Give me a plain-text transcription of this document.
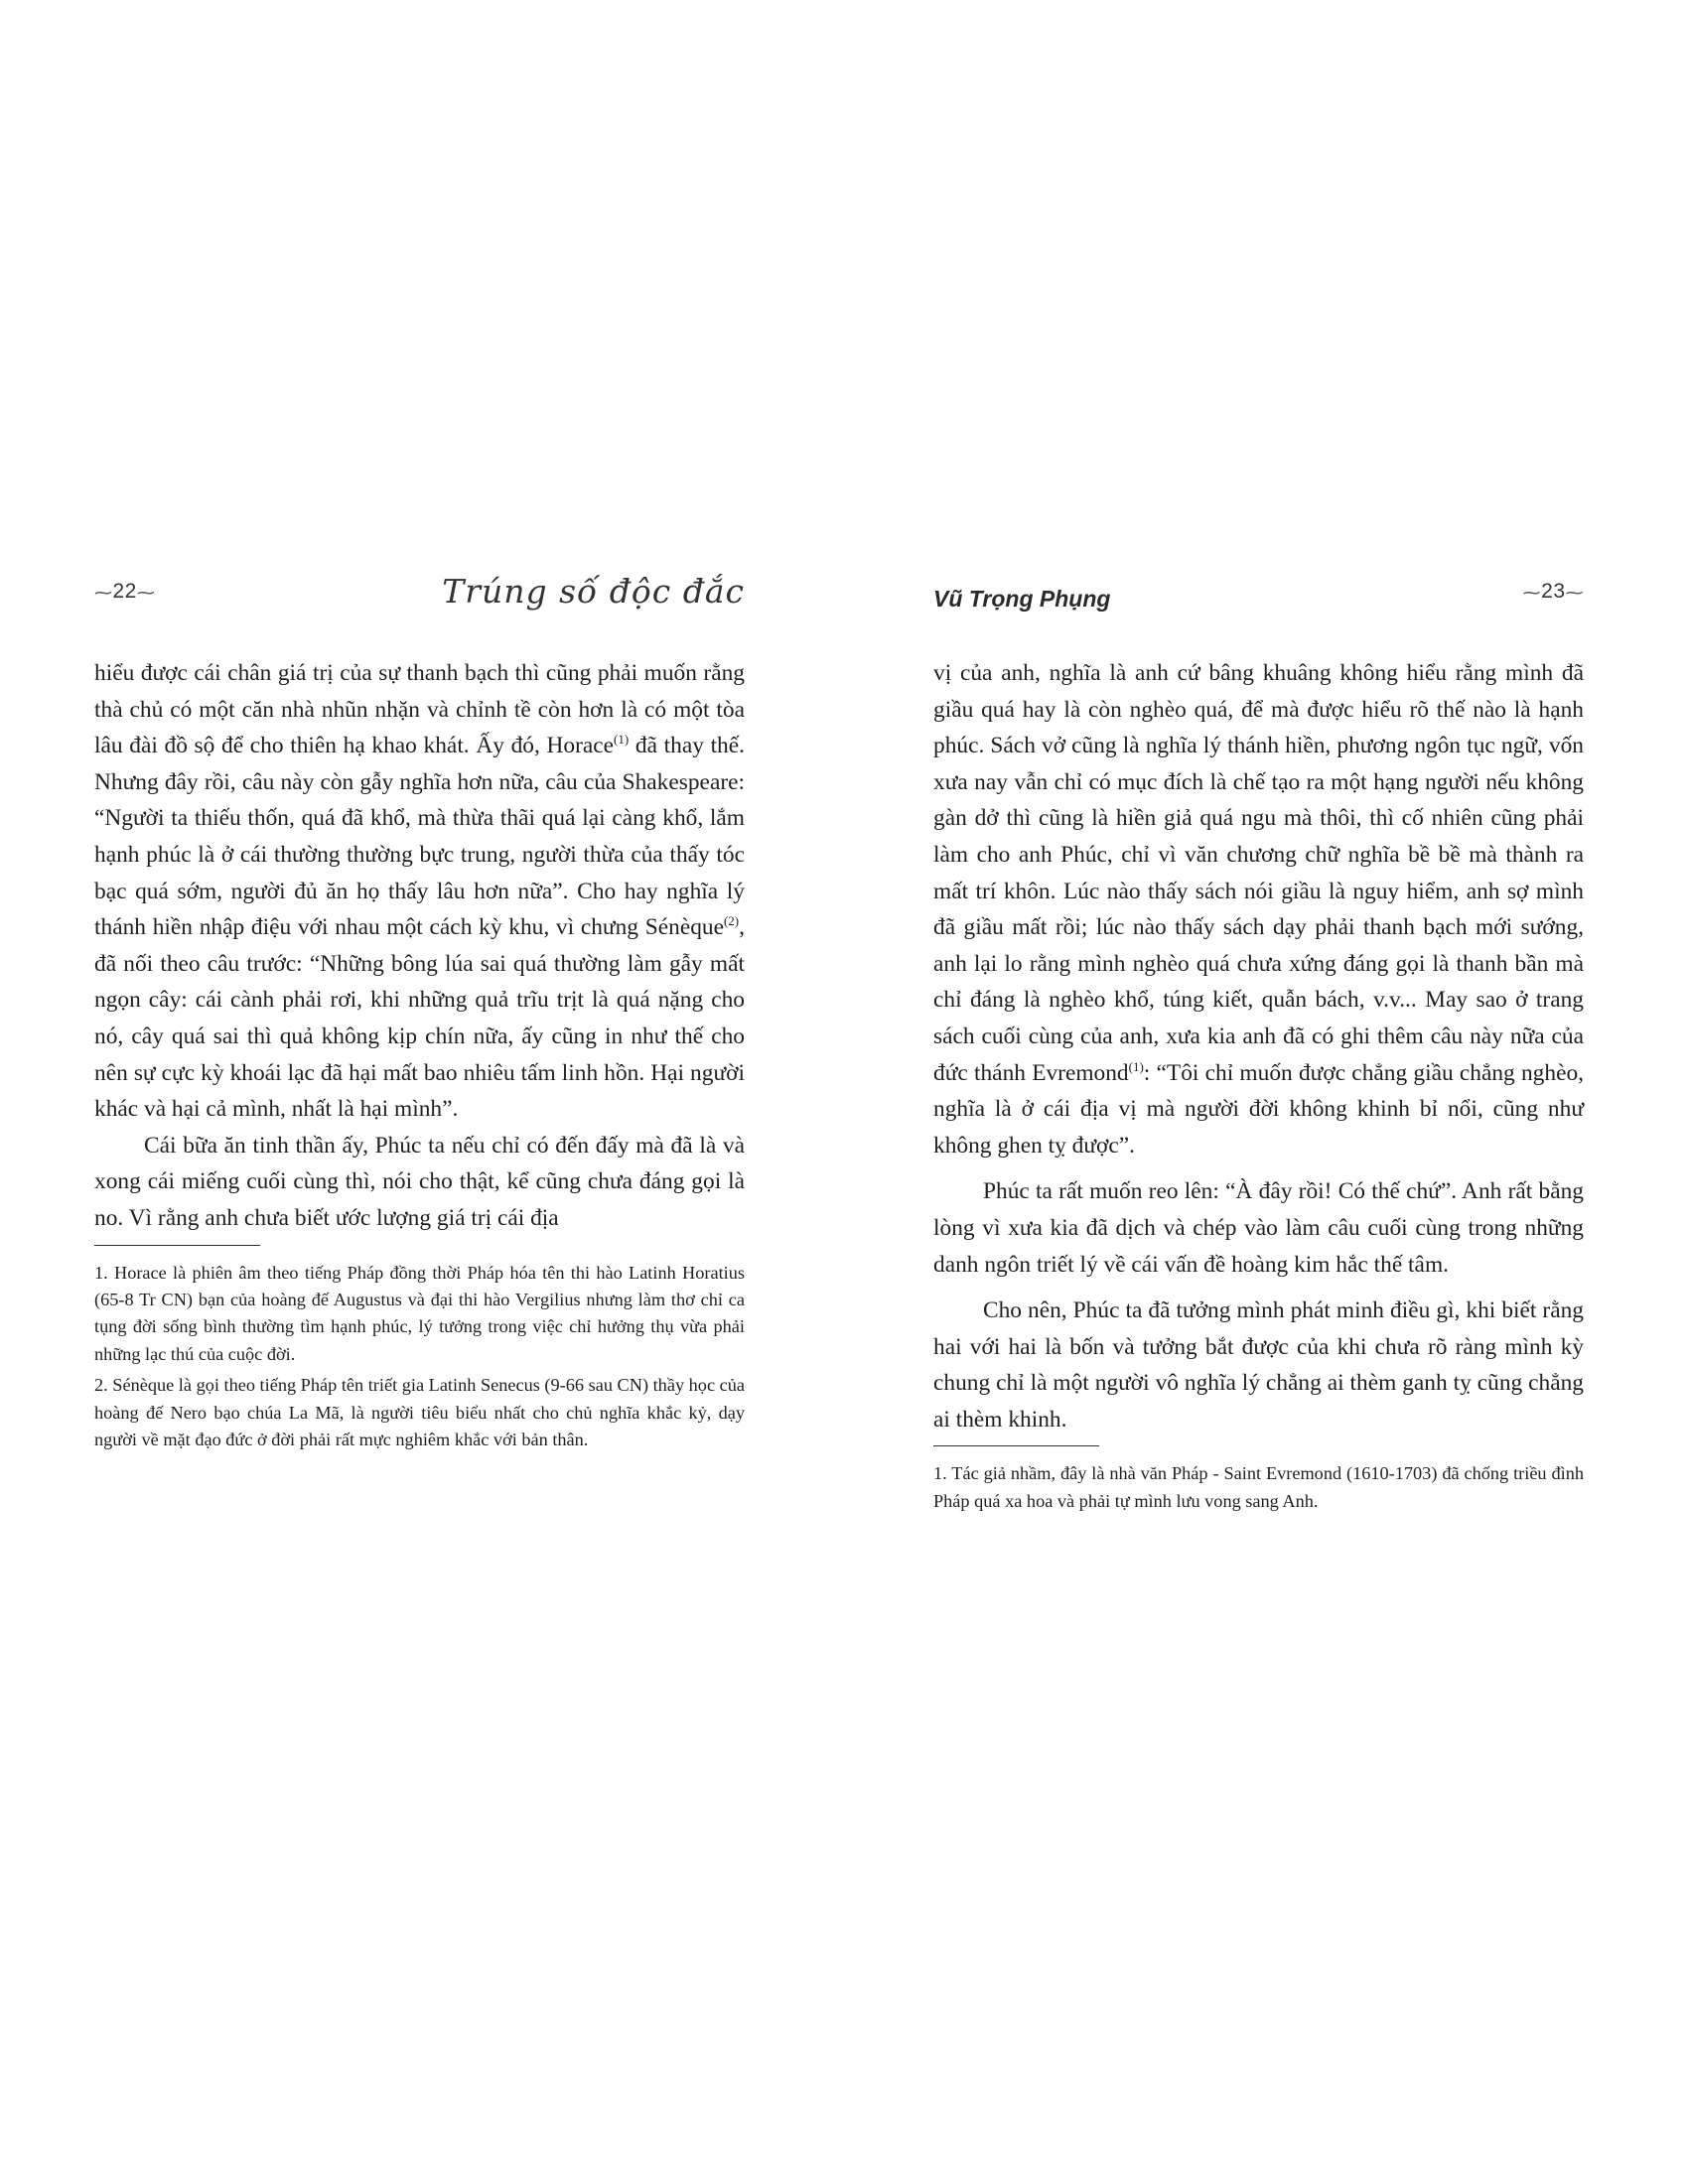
⁓22⁓	Trúng số độc đắc

hiểu được cái chân giá trị của sự thanh bạch thì cũng phải muốn rằng thà chủ có một căn nhà nhũn nhặn và chỉnh tề còn hơn là có một tòa lâu đài đồ sộ để cho thiên hạ khao khát. Ấy đó, Horace$^{(1)}$ đã thay thế. Nhưng đây rồi, câu này còn gẫy nghĩa hơn nữa, câu của Shakespeare: “Người ta thiếu thốn, quá đã khổ, mà thừa thãi quá lại càng khổ, lắm hạnh phúc là ở cái thường thường bực trung, người thừa của thấy tóc bạc quá sớm, người đủ ăn họ thấy lâu hơn nữa”. Cho hay nghĩa lý thánh hiền nhập điệu với nhau một cách kỳ khu, vì chưng Sénèque$^{(2)}$, đã nối theo câu trước: “Những bông lúa sai quá thường làm gẫy mất ngọn cây: cái cành phải rơi, khi những quả trĩu trịt là quá nặng cho nó, cây quá sai thì quả không kịp chín nữa, ấy cũng in như thế cho nên sự cực kỳ khoái lạc đã hại mất bao nhiêu tấm linh hồn. Hại người khác và hại cả mình, nhất là hại mình”.

Cái bữa ăn tinh thần ấy, Phúc ta nếu chỉ có đến đấy mà đã là và xong cái miếng cuối cùng thì, nói cho thật, kể cũng chưa đáng gọi là no. Vì rằng anh chưa biết ước lượng giá trị cái địa

1. Horace là phiên âm theo tiếng Pháp đồng thời Pháp hóa tên thi hào Latinh Horatius (65-8 Tr CN) bạn của hoàng đế Augustus và đại thi hào Vergilius nhưng làm thơ chỉ ca tụng đời sống bình thường tìm hạnh phúc, lý tưởng trong việc chỉ hưởng thụ vừa phải những lạc thú của cuộc đời.

2. Sénèque là gọi theo tiếng Pháp tên triết gia Latinh Senecus (9-66 sau CN) thầy học của hoàng đế Nero bạo chúa La Mã, là người tiêu biểu nhất cho chủ nghĩa khắc kỷ, dạy người về mặt đạo đức ở đời phải rất mực nghiêm khắc với bản thân.

Vũ Trọng Phụng	⁓23⁓

vị của anh, nghĩa là anh cứ bâng khuâng không hiểu rằng mình đã giầu quá hay là còn nghèo quá, để mà được hiểu rõ thế nào là hạnh phúc. Sách vở cũng là nghĩa lý thánh hiền, phương ngôn tục ngữ, vốn xưa nay vẫn chỉ có mục đích là chế tạo ra một hạng người nếu không gàn dở thì cũng là hiền giả quá ngu mà thôi, thì cố nhiên cũng phải làm cho anh Phúc, chỉ vì văn chương chữ nghĩa bề bề mà thành ra mất trí khôn. Lúc nào thấy sách nói giầu là nguy hiểm, anh sợ mình đã giầu mất rồi; lúc nào thấy sách dạy phải thanh bạch mới sướng, anh lại lo rằng mình nghèo quá chưa xứng đáng gọi là thanh bần mà chỉ đáng là nghèo khổ, túng kiết, quẫn bách, v.v... May sao ở trang sách cuối cùng của anh, xưa kia anh đã có ghi thêm câu này nữa của đức thánh Evremond$^{(1)}$: “Tôi chỉ muốn được chẳng giầu chẳng nghèo, nghĩa là ở cái địa vị mà người đời không khinh bỉ nổi, cũng như không ghen tỵ được”.

Phúc ta rất muốn reo lên: “À đây rồi! Có thế chứ”. Anh rất bằng lòng vì xưa kia đã dịch và chép vào làm câu cuối cùng trong những danh ngôn triết lý về cái vấn đề hoàng kim hắc thế tâm.

Cho nên, Phúc ta đã tưởng mình phát minh điều gì, khi biết rằng hai với hai là bốn và tưởng bắt được của khi chưa rõ ràng mình kỳ chung chỉ là một người vô nghĩa lý chẳng ai thèm ganh tỵ cũng chẳng ai thèm khinh.

1. Tác giả nhầm, đây là nhà văn Pháp - Saint Evremond (1610-1703) đã chống triều đình Pháp quá xa hoa và phải tự mình lưu vong sang Anh.
